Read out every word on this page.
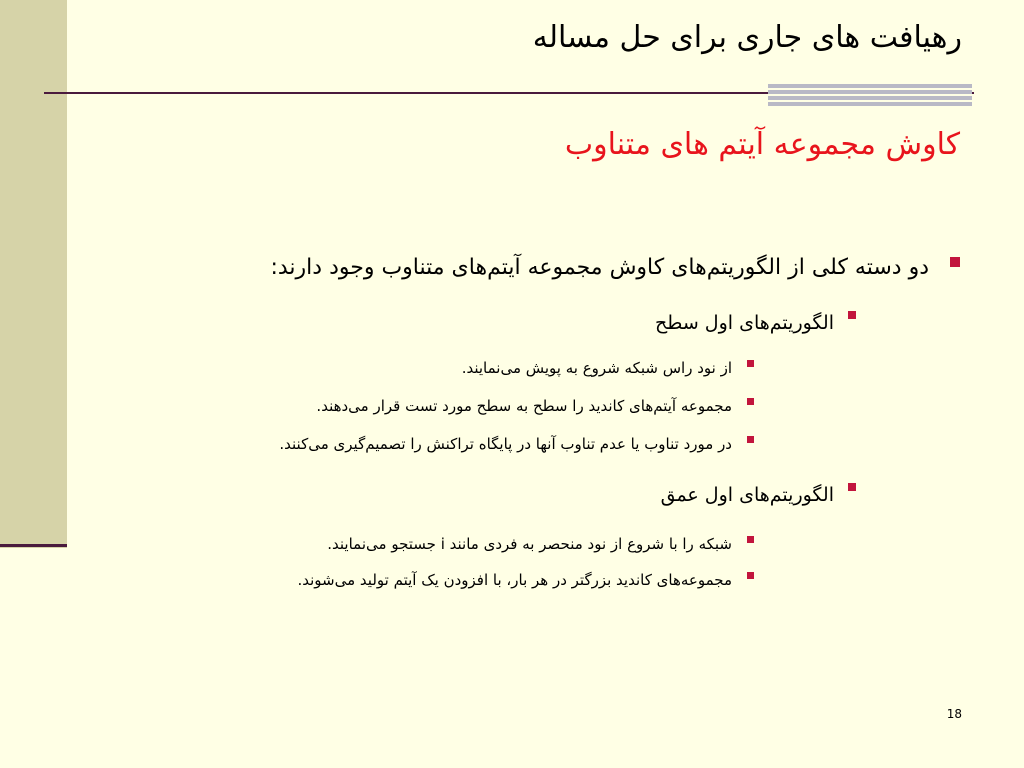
رهیافت های جاری برای حل مساله
کاوش مجموعه آیتم های متناوب
دو دسته کلی از الگوریتم‌های کاوش مجموعه آیتم‌های متناوب وجود دارند:
الگوریتم‌های اول سطح
از نود راس شبکه شروع به پویش می‌نمایند.
مجموعه آیتم‌های کاندید را سطح به سطح مورد تست قرار می‌دهند.
در مورد تناوب یا عدم تناوب آنها در پایگاه تراکنش را تصمیم‌گیری می‌کنند.
الگوریتم‌های اول عمق
شبکه را با شروع از نود منحصر به فردی مانند i جستجو می‌نمایند.
مجموعه‌های کاندید بزرگتر در هر بار، با افزودن یک آیتم تولید می‌شوند.
18
